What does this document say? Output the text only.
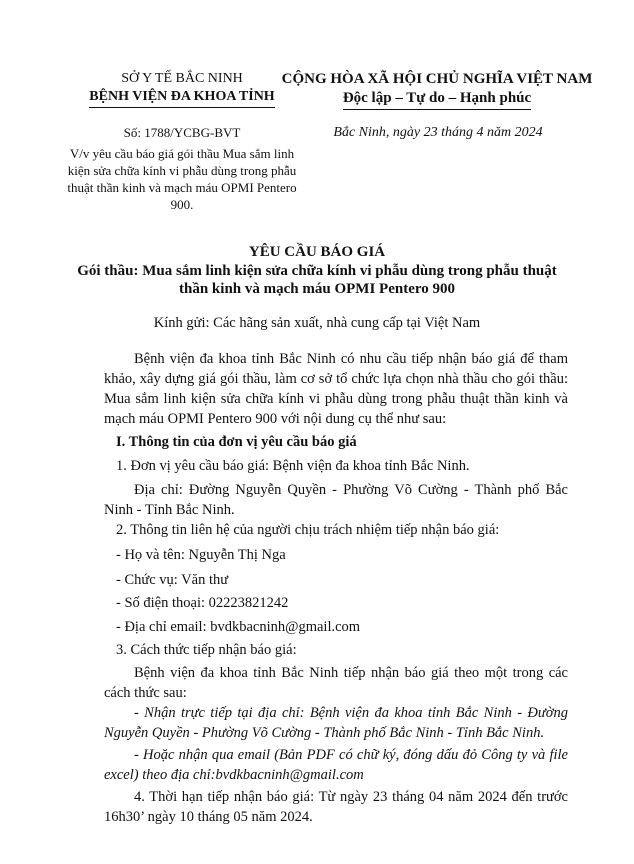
SỞ Y TẾ BẮC NINH
BỆNH VIỆN ĐA KHOA TỈNH
CỘNG HÒA XÃ HỘI CHỦ NGHĨA VIỆT NAM
Độc lập – Tự do – Hạnh phúc
Số: 1788/YCBG-BVT
V/v yêu cầu báo giá gói thầu Mua sắm linh kiện sửa chữa kính vi phẫu dùng trong phẫu thuật thần kinh và mạch máu OPMI Pentero 900.
Bắc Ninh, ngày 23 tháng 4 năm 2024
YÊU CẦU BÁO GIÁ
Gói thầu: Mua sắm linh kiện sửa chữa kính vi phẫu dùng trong phẫu thuật
thần kinh và mạch máu OPMI Pentero 900
Kính gửi: Các hãng sản xuất, nhà cung cấp tại Việt Nam
Bệnh viện đa khoa tỉnh Bắc Ninh có nhu cầu tiếp nhận báo giá để tham khảo, xây dựng giá gói thầu, làm cơ sở tổ chức lựa chọn nhà thầu cho gói thầu: Mua sắm linh kiện sửa chữa kính vi phẫu dùng trong phẫu thuật thần kinh và mạch máu OPMI Pentero 900 với nội dung cụ thể như sau:
I. Thông tin của đơn vị yêu cầu báo giá
1. Đơn vị yêu cầu báo giá: Bệnh viện đa khoa tỉnh Bắc Ninh.
Địa chỉ: Đường Nguyễn Quyền - Phường Võ Cường - Thành phố Bắc Ninh - Tỉnh Bắc Ninh.
2. Thông tin liên hệ của người chịu trách nhiệm tiếp nhận báo giá:
- Họ và tên: Nguyễn Thị Nga
- Chức vụ: Văn thư
- Số điện thoại: 02223821242
- Địa chỉ email: bvdkbacninh@gmail.com
3. Cách thức tiếp nhận báo giá:
Bệnh viện đa khoa tỉnh Bắc Ninh tiếp nhận báo giá theo một trong các cách thức sau:
- Nhận trực tiếp tại địa chỉ: Bệnh viện đa khoa tỉnh Bắc Ninh - Đường Nguyễn Quyền - Phường Võ Cường - Thành phố Bắc Ninh - Tỉnh Bắc Ninh.
- Hoặc nhận qua email (Bản PDF có chữ ký, đóng dấu đỏ Công ty và file excel) theo địa chỉ:bvdkbacninh@gmail.com
4. Thời hạn tiếp nhận báo giá: Từ ngày 23 tháng 04 năm 2024 đến trước 16h30’ ngày 10 tháng 05 năm 2024.
